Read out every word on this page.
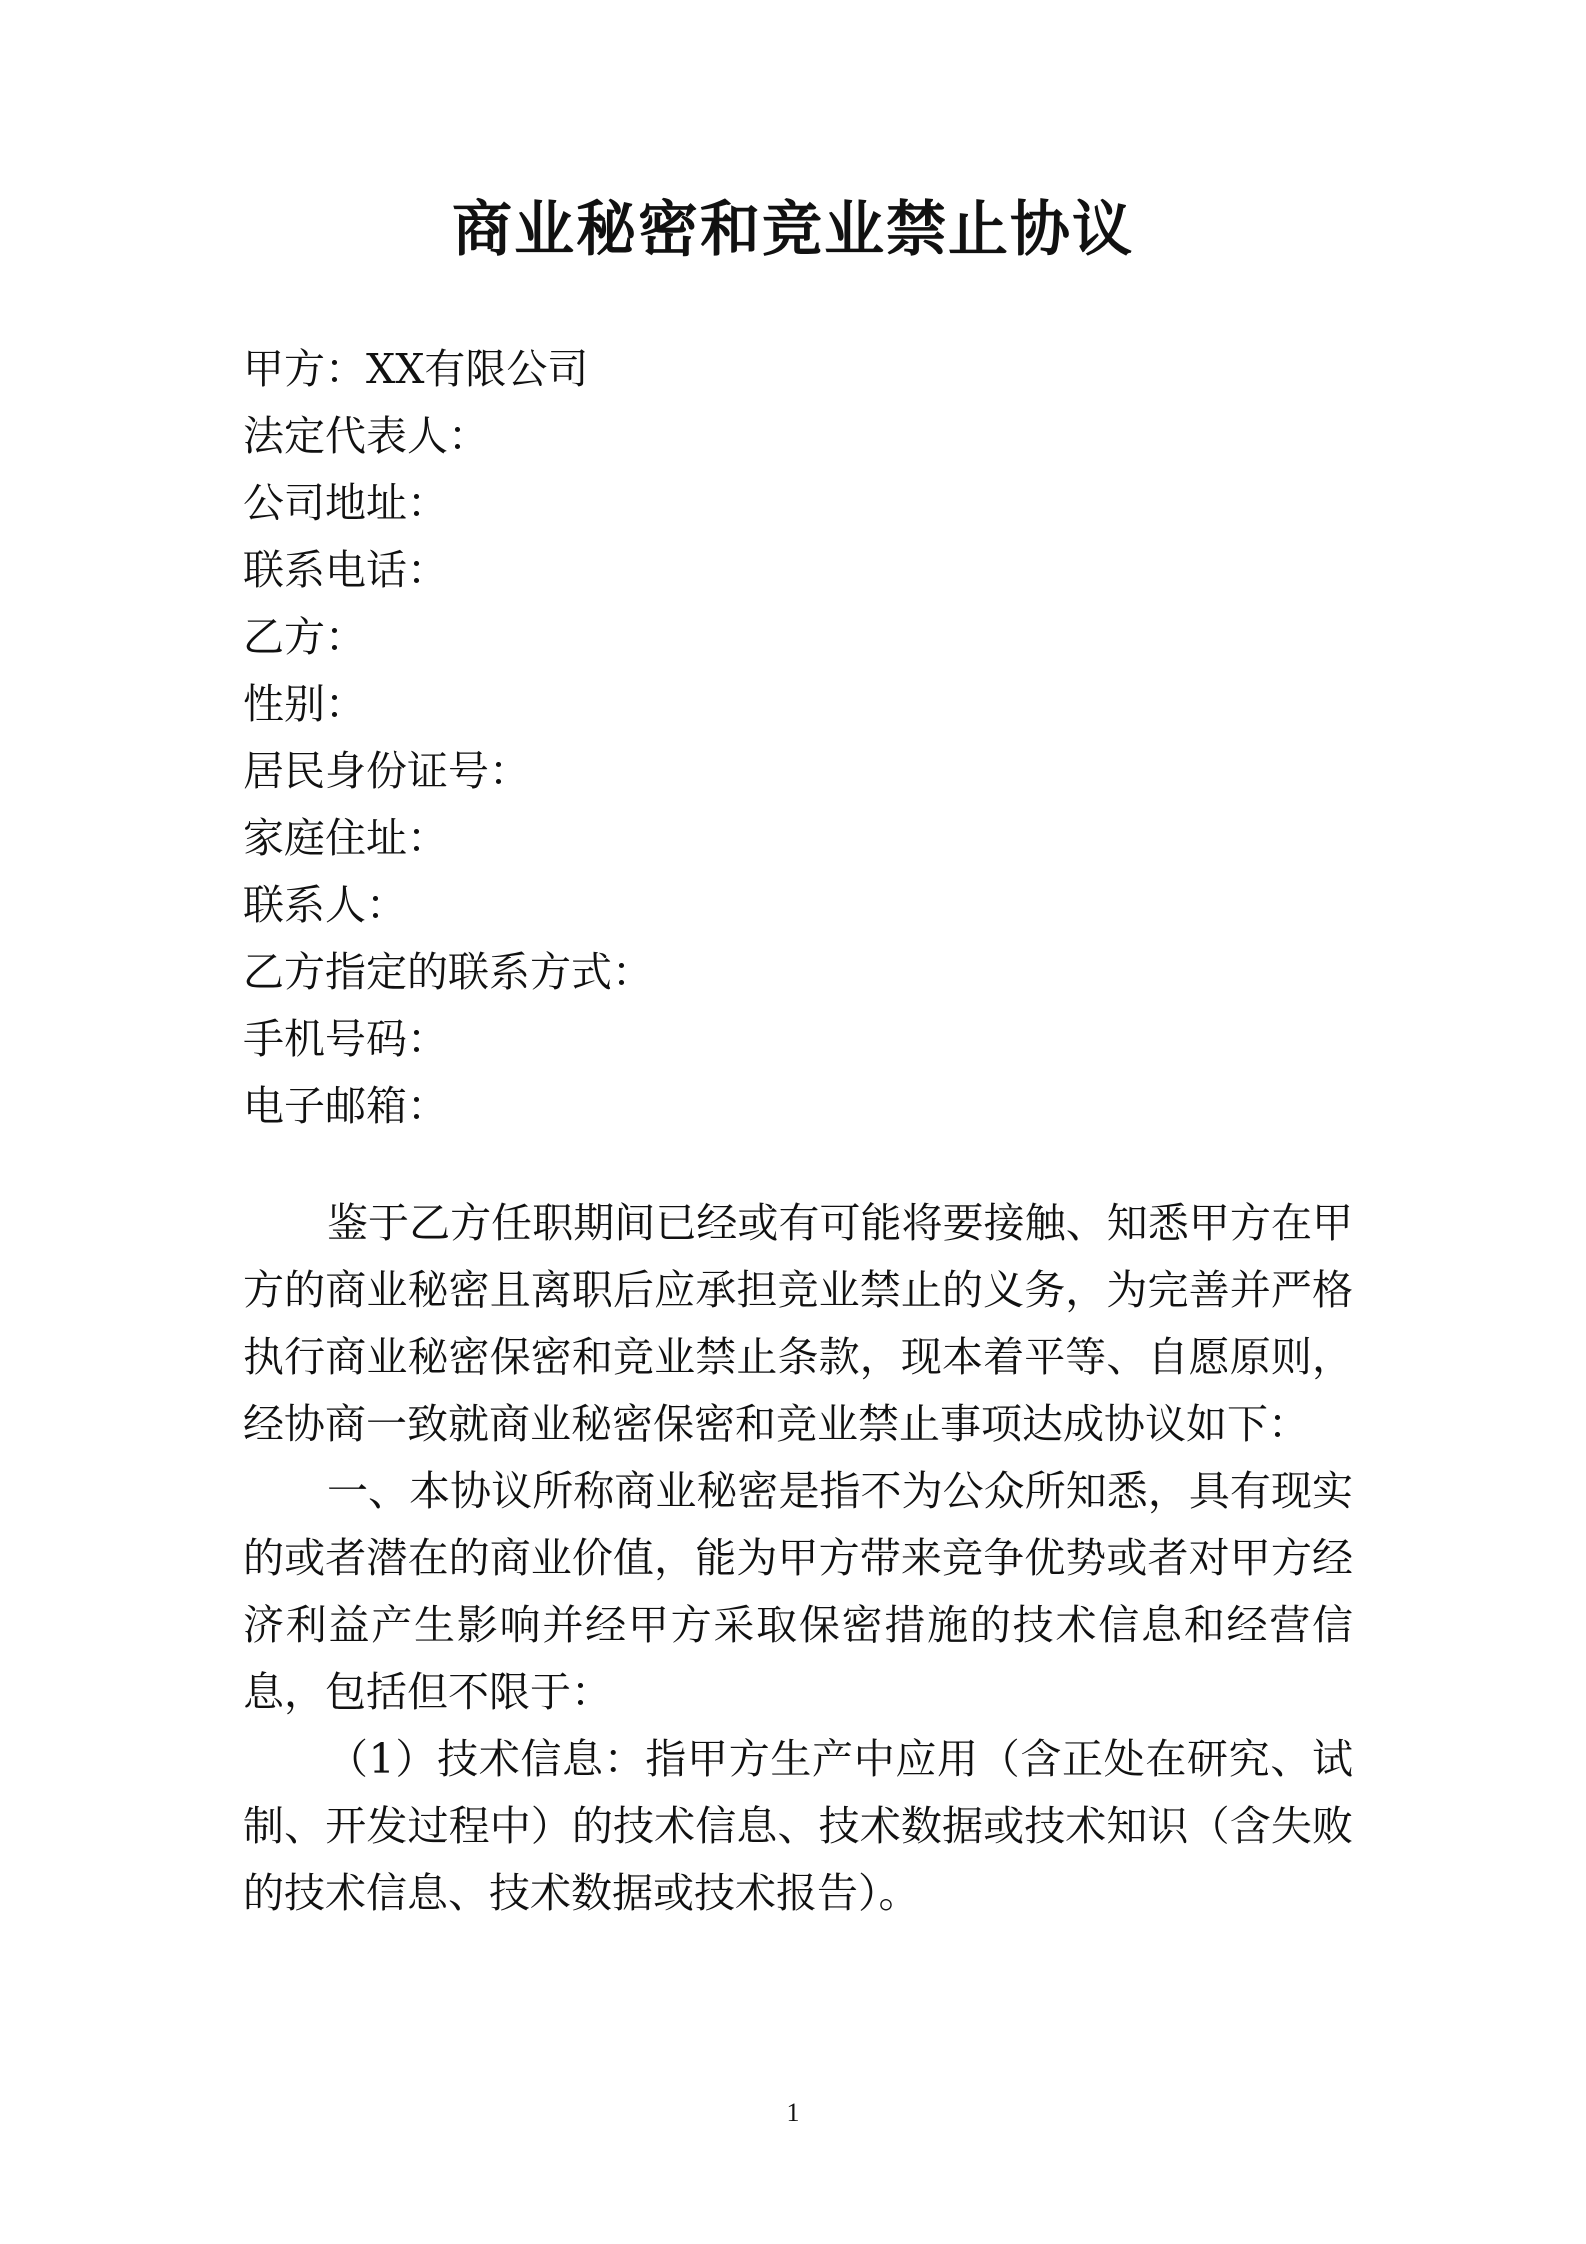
商业秘密和竞业禁止协议
甲方：XX有限公司
法定代表人：
公司地址：
联系电话：
乙方：
性别：
居民身份证号：
家庭住址：
联系人：
乙方指定的联系方式：
手机号码：
电子邮箱：

鉴于乙方任职期间已经或有可能将要接触、知悉甲方在甲方的商业秘密且离职后应承担竞业禁止的义务，为完善并严格执行商业秘密保密和竞业禁止条款，现本着平等、自愿原则，经协商一致就商业秘密保密和竞业禁止事项达成协议如下：

一、本协议所称商业秘密是指不为公众所知悉，具有现实的或者潜在的商业价值，能为甲方带来竞争优势或者对甲方经济利益产生影响并经甲方采取保密措施的技术信息和经营信息，包括但不限于：

（1）技术信息：指甲方生产中应用（含正处在研究、试制、开发过程中）的技术信息、技术数据或技术知识（含失败的技术信息、技术数据或技术报告）。

1
